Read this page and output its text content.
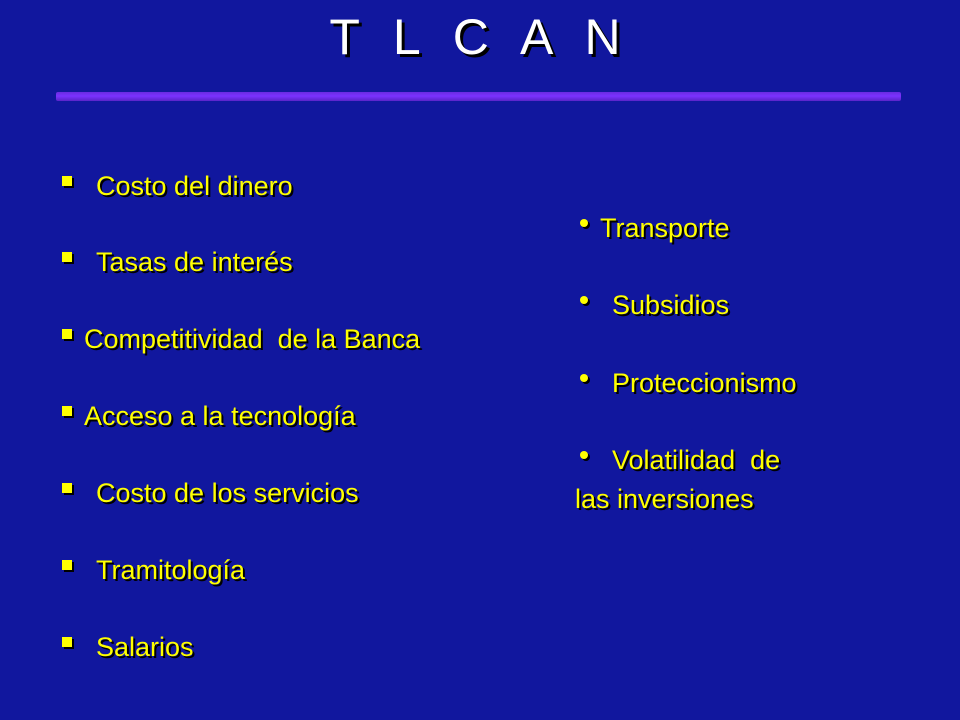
T L C A N
Costo del dinero
Tasas de interés
Competitividad  de la Banca
Acceso a la tecnología
Costo de los servicios
Tramitología
Salarios
Transporte
Subsidios
Proteccionismo
Volatilidad  de
las inversiones
